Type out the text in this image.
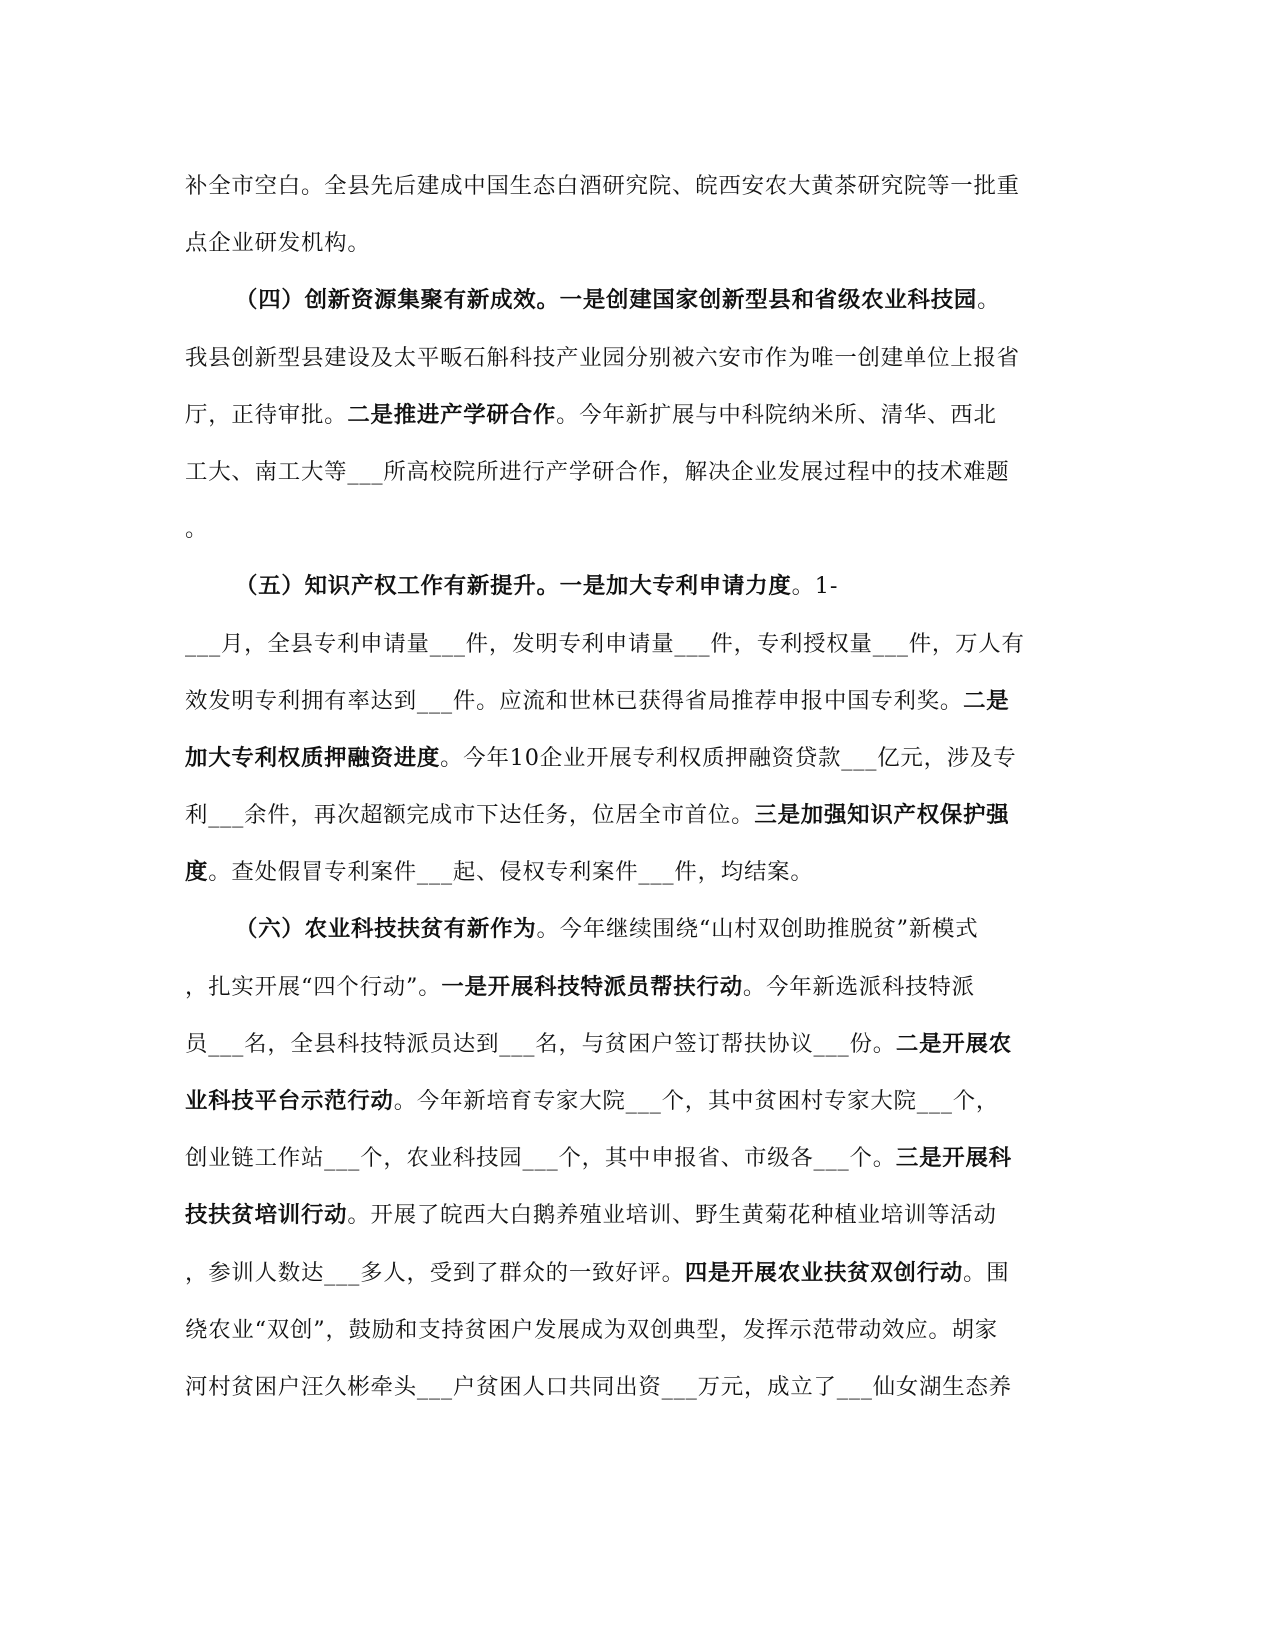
补全市空白。全县先后建成中国生态白酒研究院、皖西安农大黄茶研究院等一批重
点企业研发机构。
（四）创新资源集聚有新成效。一是创建国家创新型县和省级农业科技园。
我县创新型县建设及太平畈石斛科技产业园分别被六安市作为唯一创建单位上报省
厅，正待审批。二是推进产学研合作。今年新扩展与中科院纳米所、清华、西北
工大、南工大等___所高校院所进行产学研合作，解决企业发展过程中的技术难题
。
（五）知识产权工作有新提升。一是加大专利申请力度。1-
___月，全县专利申请量___件，发明专利申请量___件，专利授权量___件，万人有
效发明专利拥有率达到___件。应流和世林已获得省局推荐申报中国专利奖。二是
加大专利权质押融资进度。今年10企业开展专利权质押融资贷款___亿元，涉及专
利___余件，再次超额完成市下达任务，位居全市首位。三是加强知识产权保护强
度。查处假冒专利案件___起、侵权专利案件___件，均结案。
（六）农业科技扶贫有新作为。今年继续围绕“山村双创助推脱贫”新模式
，扎实开展“四个行动”。一是开展科技特派员帮扶行动。今年新选派科技特派
员___名，全县科技特派员达到___名，与贫困户签订帮扶协议___份。二是开展农
业科技平台示范行动。今年新培育专家大院___个，其中贫困村专家大院___个，
创业链工作站___个，农业科技园___个，其中申报省、市级各___个。三是开展科
技扶贫培训行动。开展了皖西大白鹅养殖业培训、野生黄菊花种植业培训等活动
，参训人数达___多人，受到了群众的一致好评。四是开展农业扶贫双创行动。围
绕农业“双创”，鼓励和支持贫困户发展成为双创典型，发挥示范带动效应。胡家
河村贫困户汪久彬牵头___户贫困人口共同出资___万元，成立了___仙女湖生态养
